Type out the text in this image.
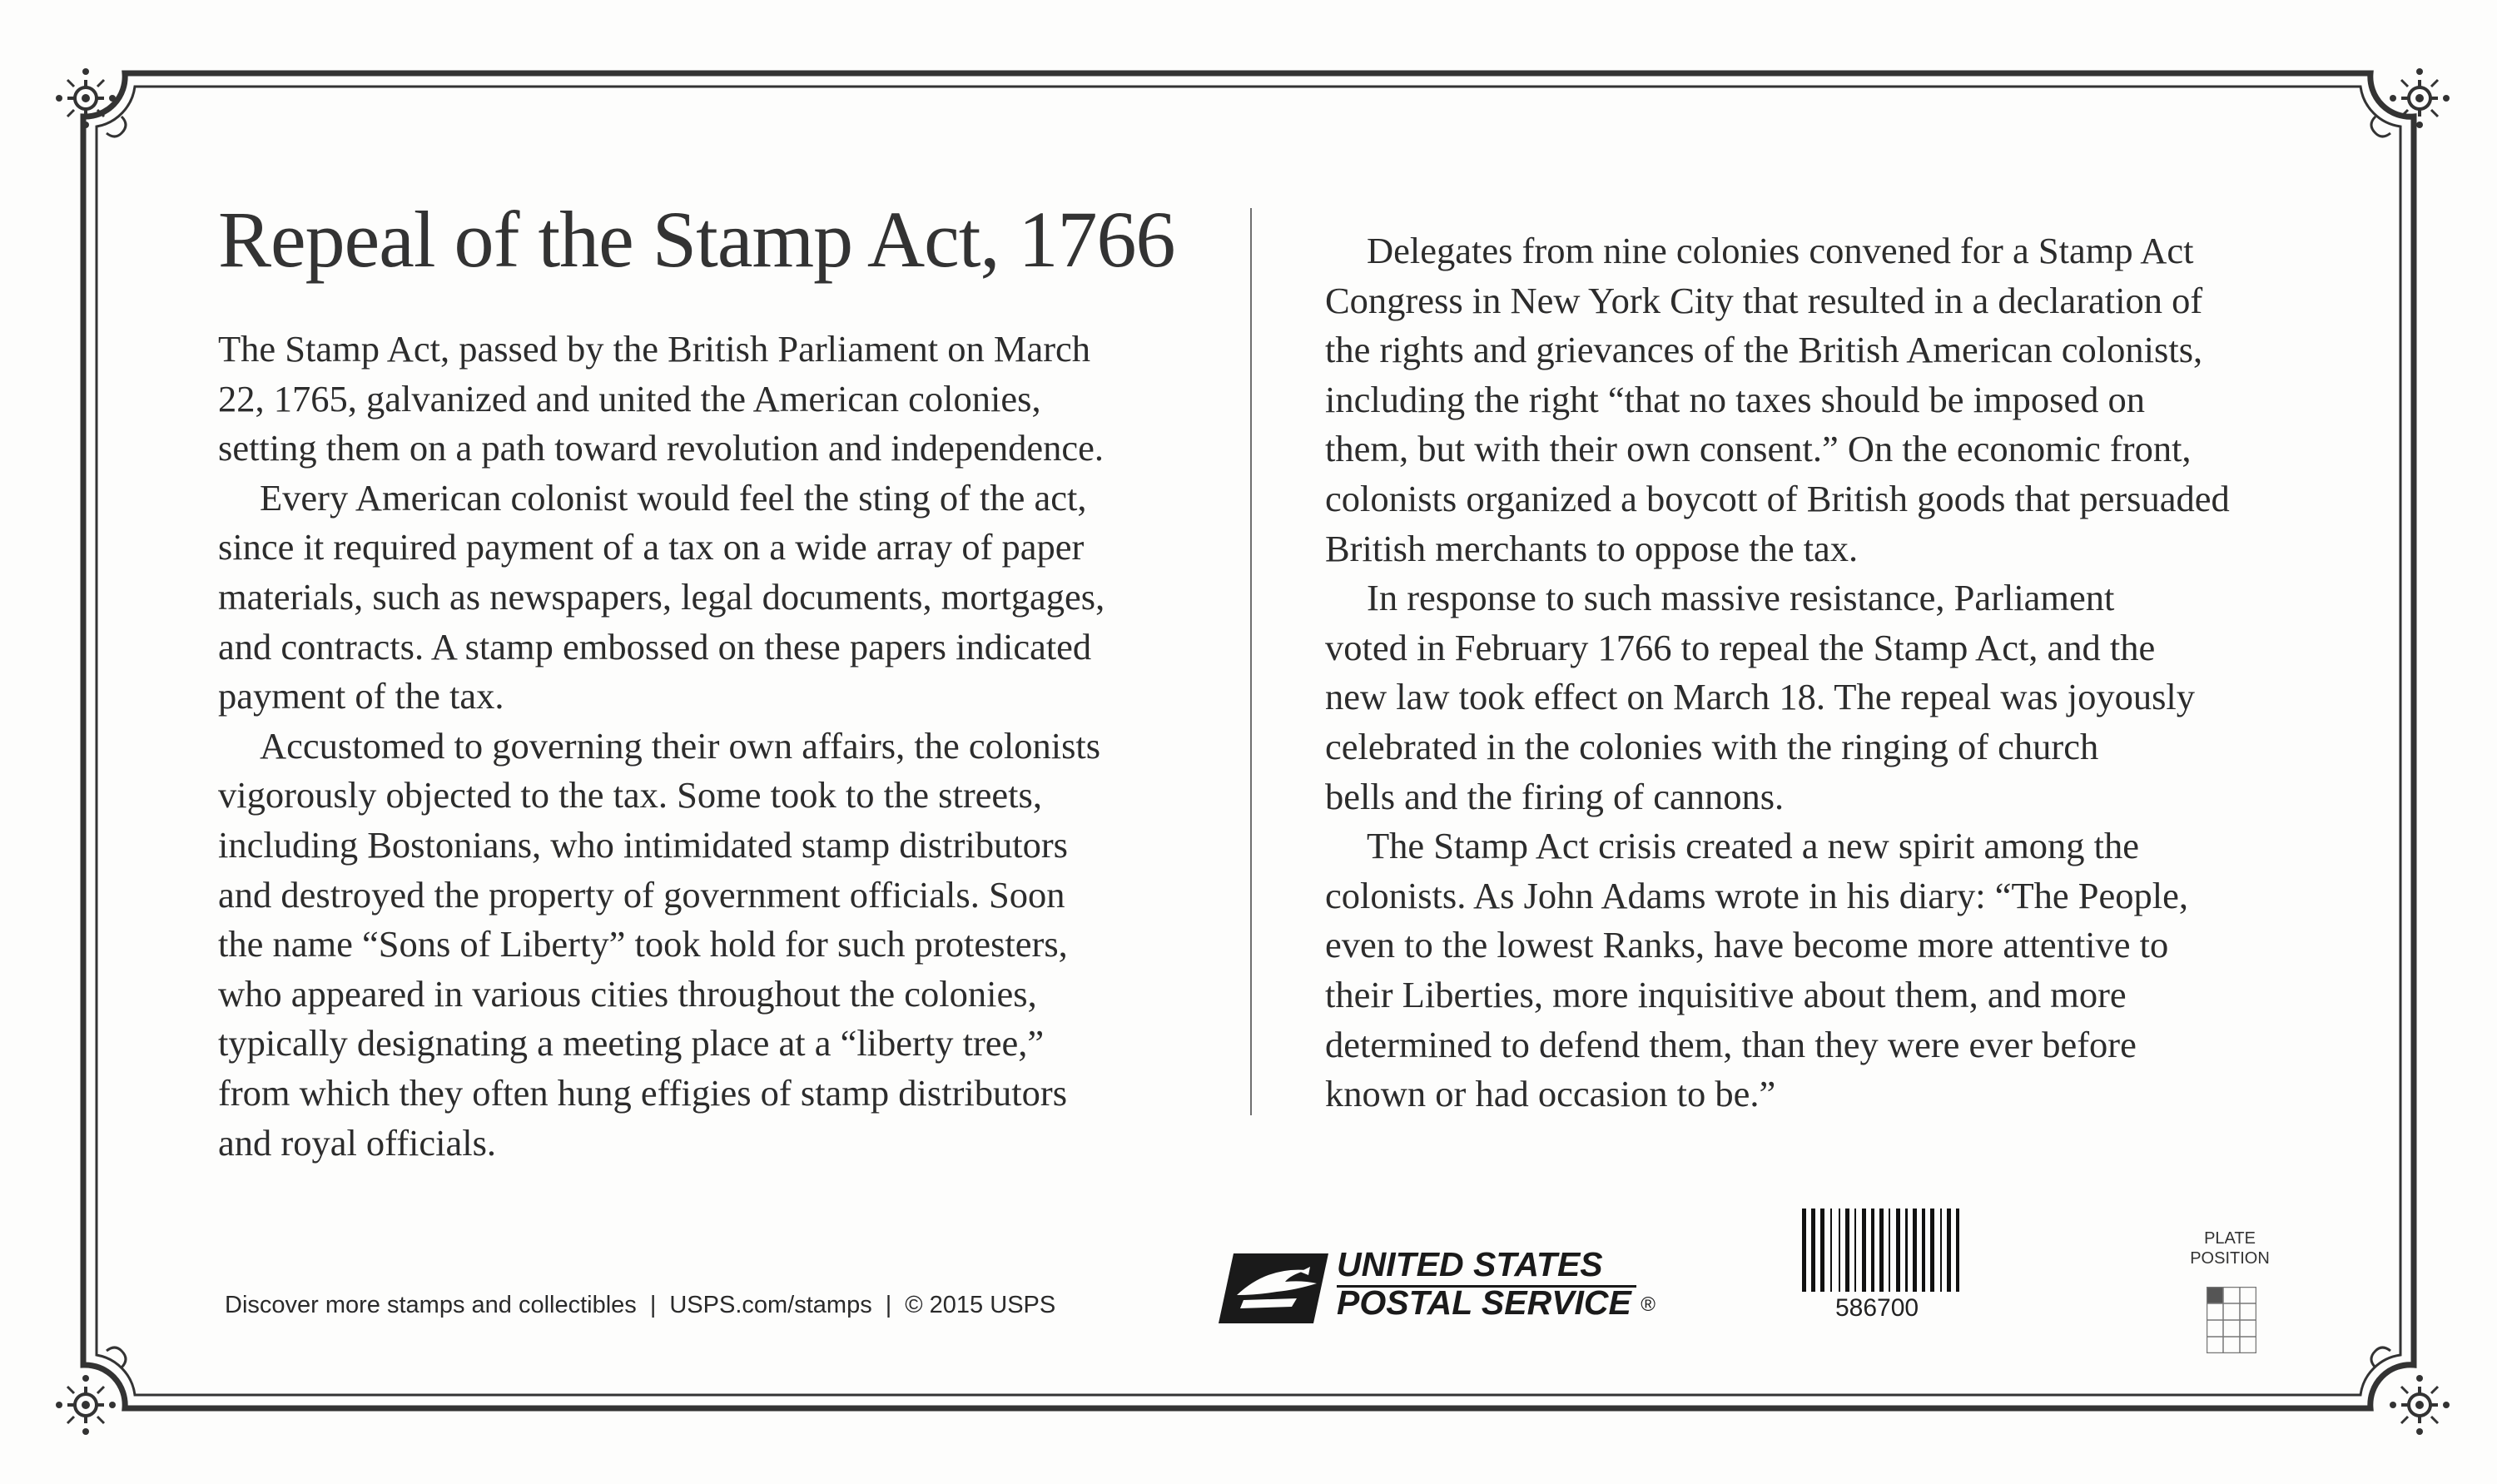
Repeal of the Stamp Act, 1766

The Stamp Act, passed by the British Parliament on March

22, 1765, galvanized and united the American colonies,

setting them on a path toward revolution and independence.

Every American colonist would feel the sting of the act,

since it required payment of a tax on a wide array of paper

materials, such as newspapers, legal documents, mortgages,

and contracts. A stamp embossed on these papers indicated

payment of the tax.

Accustomed to governing their own affairs, the colonists

vigorously objected to the tax. Some took to the streets,

including Bostonians, who intimidated stamp distributors

and destroyed the property of government officials. Soon

the name “Sons of Liberty” took hold for such protesters,

who appeared in various cities throughout the colonies,

typically designating a meeting place at a “liberty tree,”

from which they often hung effigies of stamp distributors

and royal officials.

Delegates from nine colonies convened for a Stamp Act

Congress in New York City that resulted in a declaration of

the rights and grievances of the British American colonists,

including the right “that no taxes should be imposed on

them, but with their own consent.” On the economic front,

colonists organized a boycott of British goods that persuaded

British merchants to oppose the tax.

In response to such massive resistance, Parliament

voted in February 1766 to repeal the Stamp Act, and the

new law took effect on March 18. The repeal was joyously

celebrated in the colonies with the ringing of church

bells and the firing of cannons.

The Stamp Act crisis created a new spirit among the

colonists. As John Adams wrote in his diary: “The People,

even to the lowest Ranks, have become more attentive to

their Liberties, more inquisitive about them, and more

determined to defend them, than they were ever before

known or had occasion to be.”

Discover more stamps and collectibles | USPS.com/stamps | © 2015 USPS
UNITED STATES
POSTAL SERVICE ®	586700
PLATE
POSITION
